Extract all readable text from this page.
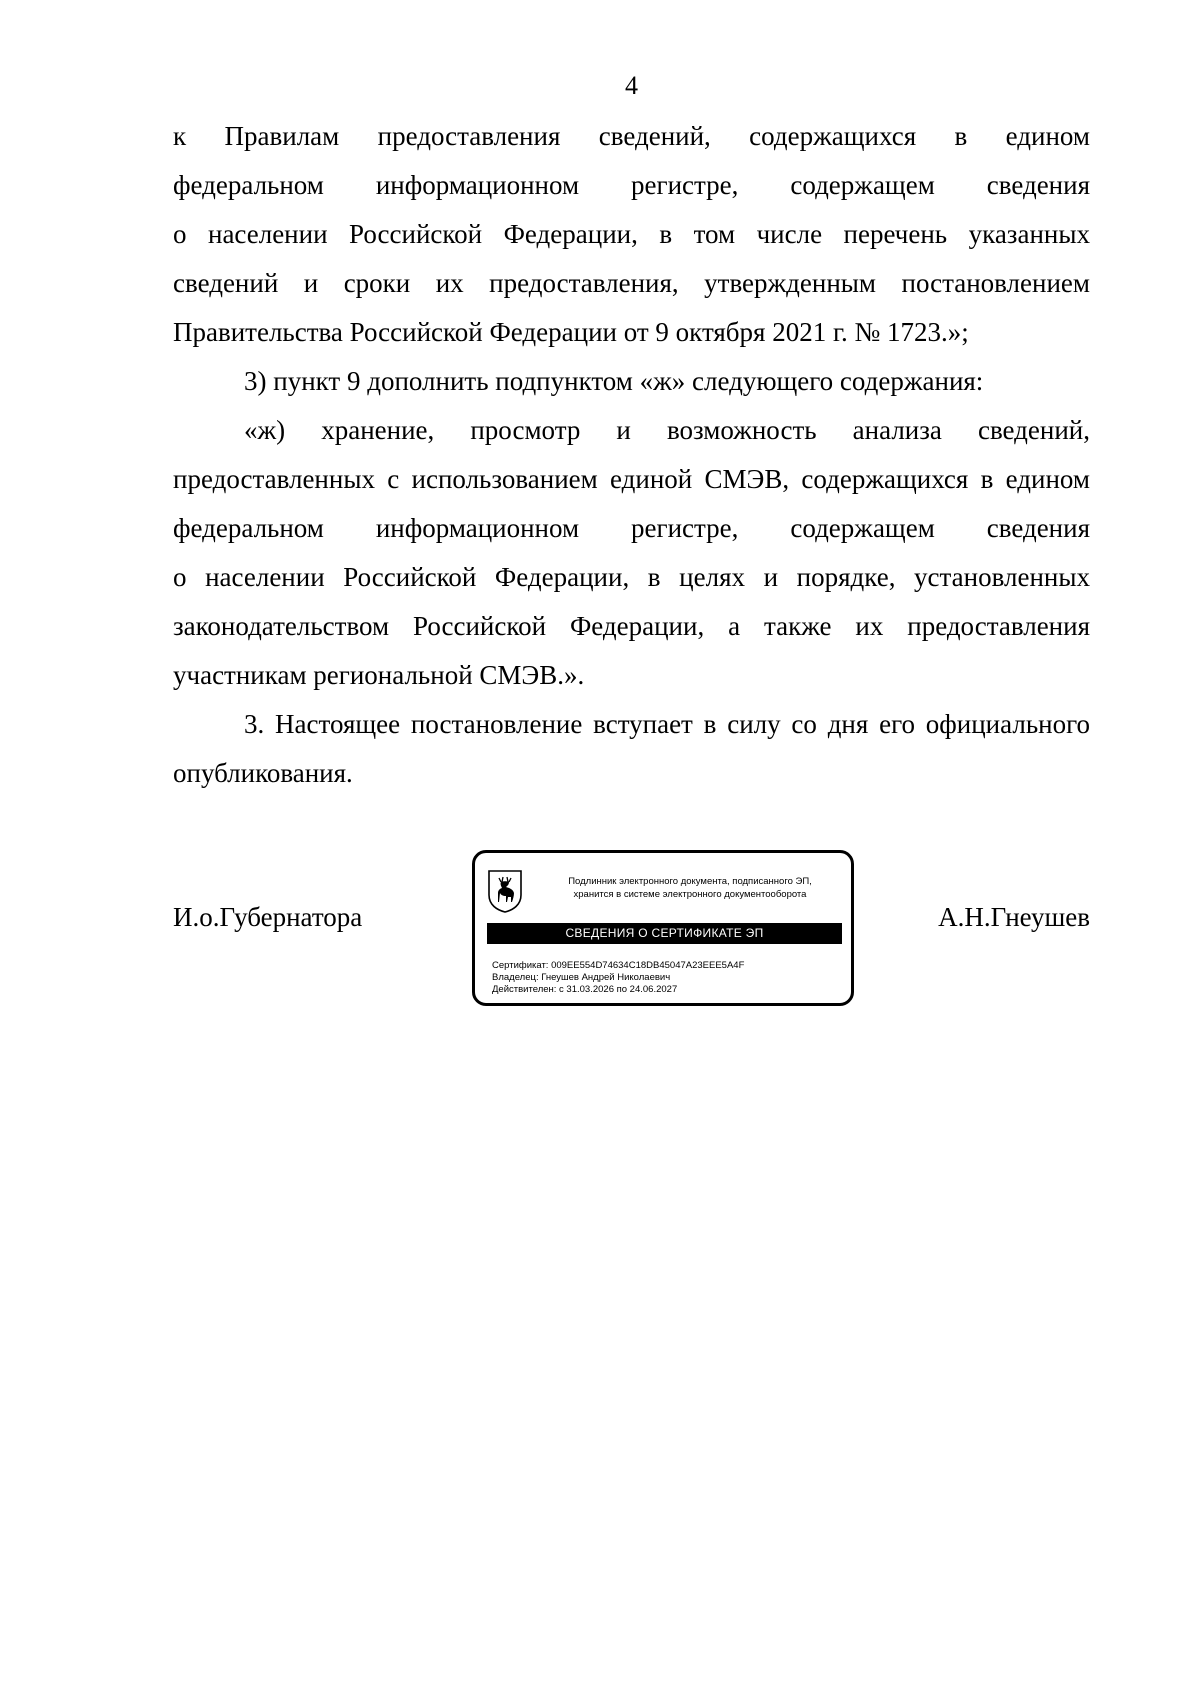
4

к Правилам предоставления сведений, содержащихся в едином
федеральном информационном регистре, содержащем сведения
о населении Российской Федерации, в том числе перечень указанных
сведений и сроки их предоставления, утвержденным постановлением
Правительства Российской Федерации от 9 октября 2021 г. № 1723.»;

3) пункт 9 дополнить подпунктом «ж» следующего содержания:

«ж) хранение, просмотр и возможность анализа сведений,
предоставленных с использованием единой СМЭВ, содержащихся в едином
федеральном информационном регистре, содержащем сведения
о населении Российской Федерации, в целях и порядке, установленных
законодательством Российской Федерации, а также их предоставления
участникам региональной СМЭВ.».

3. Настоящее постановление вступает в силу со дня его официального
опубликования.

И.о.Губернатора	А.Н.Гнеушев
Подлинник электронного документа, подписанного ЭП,
хранится в системе электронного документооборота
СВЕДЕНИЯ О СЕРТИФИКАТЕ ЭП
Сертификат: 009EE554D74634C18DB45047A23EEE5A4F
Владелец: Гнеушев Андрей Николаевич
Действителен: с 31.03.2026 по 24.06.2027
